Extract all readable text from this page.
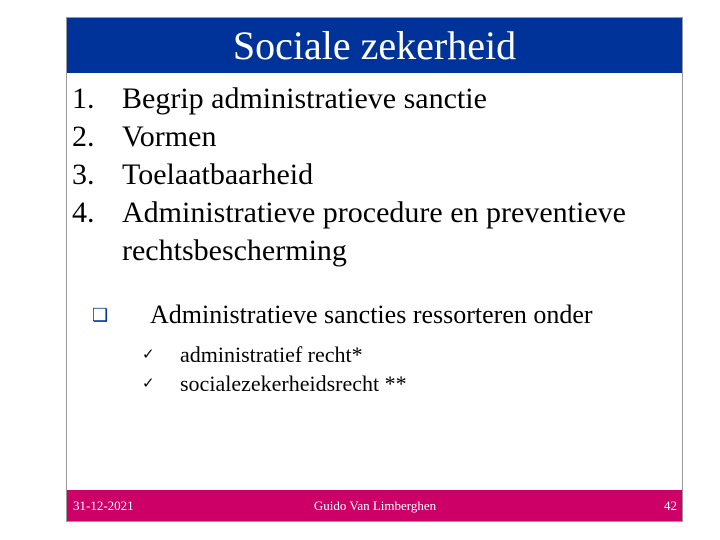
Sociale zekerheid
1. Begrip administratieve sanctie
2. Vormen
3. Toelaatbaarheid
4. Administratieve procedure en preventieve rechtsbescherming
❑ Administratieve sancties ressorteren onder
✓	administratief recht*
✓	socialezekerheidsrecht **
31-12-2021	Guido Van Limberghen	42
